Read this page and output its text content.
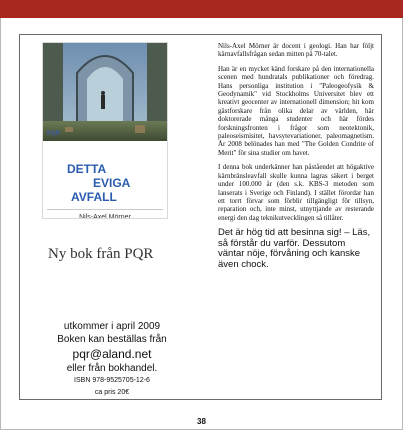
PQR
DETTA
EVIGA
AVFALL
Nils-Axel Mörner
Ny bok från PQR
utkommer i april 2009
Boken kan beställas från
pqr@aland.net
eller från bokhandel.
ISBN 978-9525705-12-6
ca pris 20€

Nils-Axel Mörner är docent i geologi. Han har följt kärnavfallsfrågan sedan mitten på 70-talet.

Han är en mycket känd forskare på den internationella scenen med hundratals publikationer och föredrag. Hans personliga institution i "Paleogeofysik & Geodynamik" vid Stockholms Universitet blev ett kreativt geocenter av internationell dimension; hit kom gästforskare från olika delar av världen, här doktorerade många studenter och här fördes forskningsfronten i frågor som neotektonik, paleoseismisitet, havsytevariationer, paleomagnetism. År 2008 belönades han med "The Golden Condrite of Merit" för sina studier om havet.

I denna bok underkänner han påståendet att högaktive kärnbränsleavfall skulle kunna lagras säkert i berget under 100.000 år (den s.k. KBS-3 metoden som lanserats i Sverige och Finland). I stället förordar han ett torrt förvar som förblir tillgängligt för tillsyn, reparation och, inte minst, utnyttjande av resterande energi den dag teknikutvecklingen så tillåter.

Det är hög tid att besinna sig! – Läs, så förstår du varför. Dessutom väntar nöje, förvåning och kanske även chock.

38
